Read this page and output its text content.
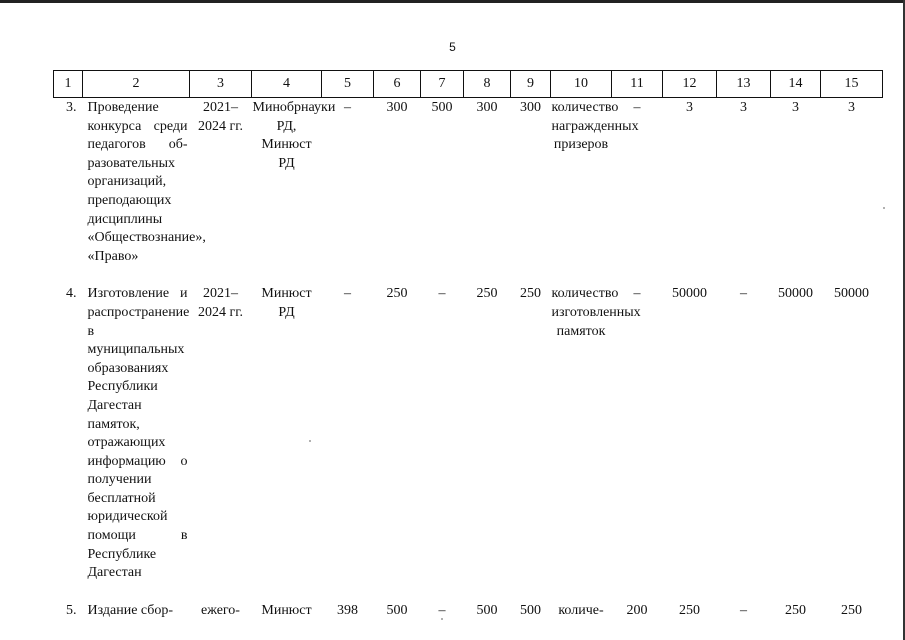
5
1	2	3	4	5	6	7	8	9	10	11	12	13	14	15
3.	Проведение конкурса среди педагогов об-разовательных организаций, преподающих дисциплины «Обществознание», «Право»	2021–2024 гг.	Минобрнауки РД, Минюст РД	–	300	500	300	300	количество награжденных призеров	–	3	3	3	3
4.	Изготовление и распространение в муниципальных образованиях Республики Дагестан памяток, отражающих информацию о получении бесплатной юридической помощи в Республике Дагестан	2021–2024 гг.	Минюст РД	–	250	–	250	250	количество изготовленных памяток	–	50000	–	50000	50000
5.	Издание сбор-	ежего-	Минюст	398	500	–	500	500	количе-	200	250	–	250	250
